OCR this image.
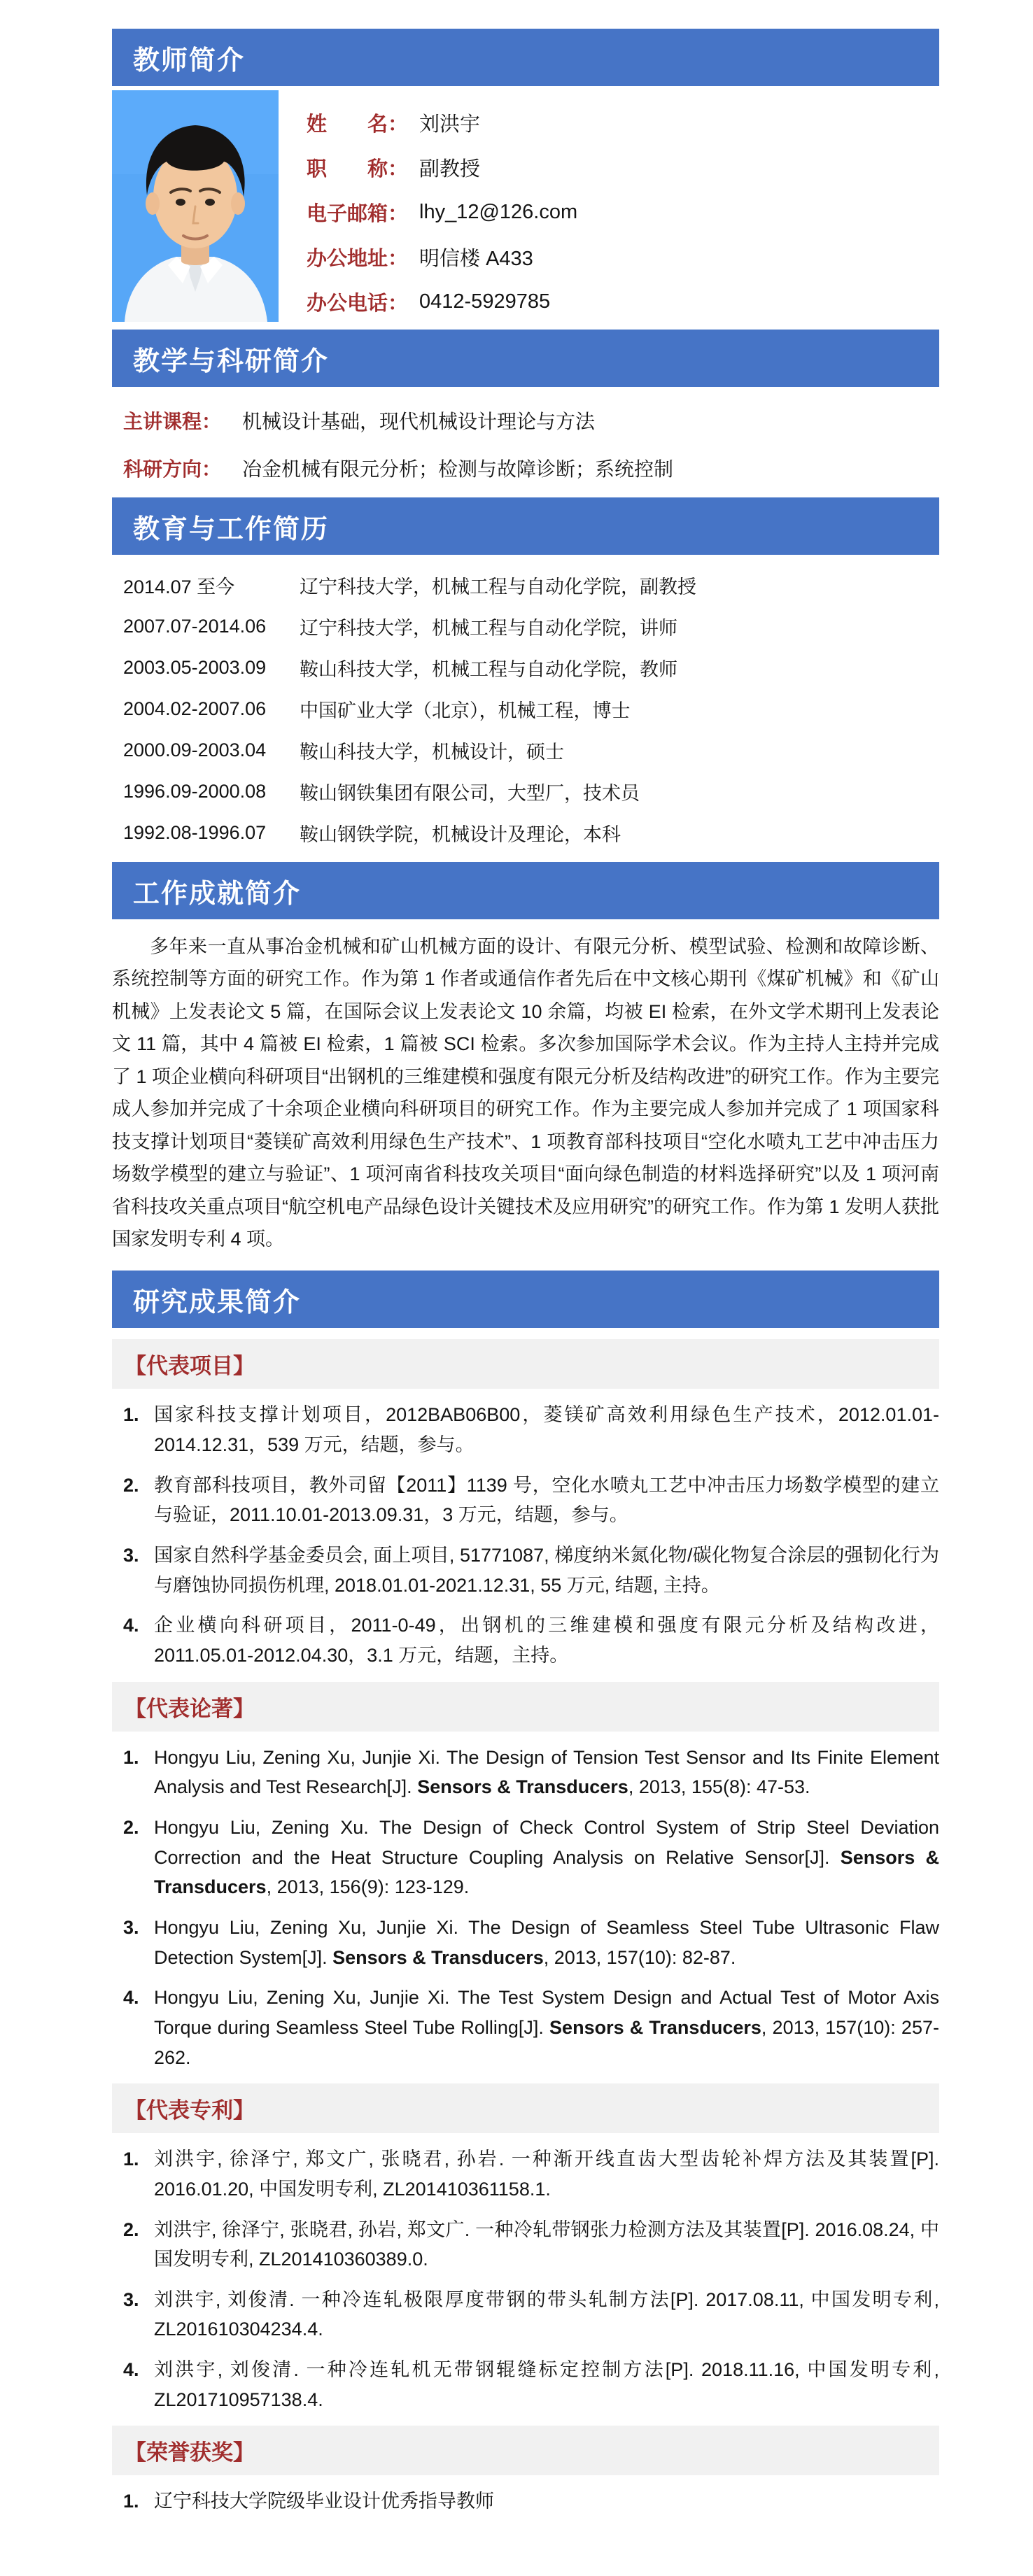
教师简介
姓　　名： 刘洪宇
职　　称： 副教授
电子邮箱： lhy_12@126.com
办公地址： 明信楼 A433
办公电话： 0412-5929785
教学与科研简介
主讲课程： 机械设计基础，现代机械设计理论与方法
科研方向： 冶金机械有限元分析；检测与故障诊断；系统控制
教育与工作简历
2014.07 至今	辽宁科技大学，机械工程与自动化学院，副教授
2007.07-2014.06	辽宁科技大学，机械工程与自动化学院，讲师
2003.05-2003.09	鞍山科技大学，机械工程与自动化学院，教师
2004.02-2007.06	中国矿业大学（北京），机械工程，博士
2000.09-2003.04	鞍山科技大学，机械设计，硕士
1996.09-2000.08	鞍山钢铁集团有限公司，大型厂，技术员
1992.08-1996.07	鞍山钢铁学院，机械设计及理论，本科
工作成就简介

多年来一直从事冶金机械和矿山机械方面的设计、有限元分析、模型试验、检测和故障诊断、系统控制等方面的研究工作。作为第 1 作者或通信作者先后在中文核心期刊《煤矿机械》和《矿山机械》上发表论文 5 篇，在国际会议上发表论文 10 余篇，均被 EI 检索，在外文学术期刊上发表论文 11 篇，其中 4 篇被 EI 检索，1 篇被 SCI 检索。多次参加国际学术会议。作为主持人主持并完成了 1 项企业横向科研项目“出钢机的三维建模和强度有限元分析及结构改进”的研究工作。作为主要完成人参加并完成了十余项企业横向科研项目的研究工作。作为主要完成人参加并完成了 1 项国家科技支撑计划项目“菱镁矿高效利用绿色生产技术”、1 项教育部科技项目“空化水喷丸工艺中冲击压力场数学模型的建立与验证”、1 项河南省科技攻关项目“面向绿色制造的材料选择研究”以及 1 项河南省科技攻关重点项目“航空机电产品绿色设计关键技术及应用研究”的研究工作。作为第 1 发明人获批国家发明专利 4 项。

研究成果简介
【代表项目】
1. 国家科技支撑计划项目，2012BAB06B00，菱镁矿高效利用绿色生产技术，2012.01.01-2014.12.31，539 万元，结题，参与。
2. 教育部科技项目，教外司留【2011】1139 号，空化水喷丸工艺中冲击压力场数学模型的建立与验证，2011.10.01-2013.09.31，3 万元，结题，参与。
3. 国家自然科学基金委员会, 面上项目, 51771087, 梯度纳米氮化物/碳化物复合涂层的强韧化行为与磨蚀协同损伤机理, 2018.01.01-2021.12.31, 55 万元, 结题, 主持。
4. 企业横向科研项目，2011-0-49，出钢机的三维建模和强度有限元分析及结构改进，2011.05.01-2012.04.30，3.1 万元，结题，主持。
【代表论著】
1. Hongyu Liu, Zening Xu, Junjie Xi. The Design of Tension Test Sensor and Its Finite Element Analysis and Test Research[J]. Sensors & Transducers, 2013, 155(8): 47-53.
2. Hongyu Liu, Zening Xu. The Design of Check Control System of Strip Steel Deviation Correction and the Heat Structure Coupling Analysis on Relative Sensor[J]. Sensors & Transducers, 2013, 156(9): 123-129.
3. Hongyu Liu, Zening Xu, Junjie Xi. The Design of Seamless Steel Tube Ultrasonic Flaw Detection System[J]. Sensors & Transducers, 2013, 157(10): 82-87.
4. Hongyu Liu, Zening Xu, Junjie Xi. The Test System Design and Actual Test of Motor Axis Torque during Seamless Steel Tube Rolling[J]. Sensors & Transducers, 2013, 157(10): 257-262.
【代表专利】
1. 刘洪宇, 徐泽宁, 郑文广, 张晓君, 孙岩. 一种渐开线直齿大型齿轮补焊方法及其装置[P]. 2016.01.20, 中国发明专利, ZL201410361158.1.
2. 刘洪宇, 徐泽宁, 张晓君, 孙岩, 郑文广. 一种冷轧带钢张力检测方法及其装置[P]. 2016.08.24, 中国发明专利, ZL201410360389.0.
3. 刘洪宇, 刘俊清. 一种冷连轧极限厚度带钢的带头轧制方法[P]. 2017.08.11, 中国发明专利, ZL201610304234.4.
4. 刘洪宇, 刘俊清. 一种冷连轧机无带钢辊缝标定控制方法[P]. 2018.11.16, 中国发明专利, ZL201710957138.4.
【荣誉获奖】
1. 辽宁科技大学院级毕业设计优秀指导教师
